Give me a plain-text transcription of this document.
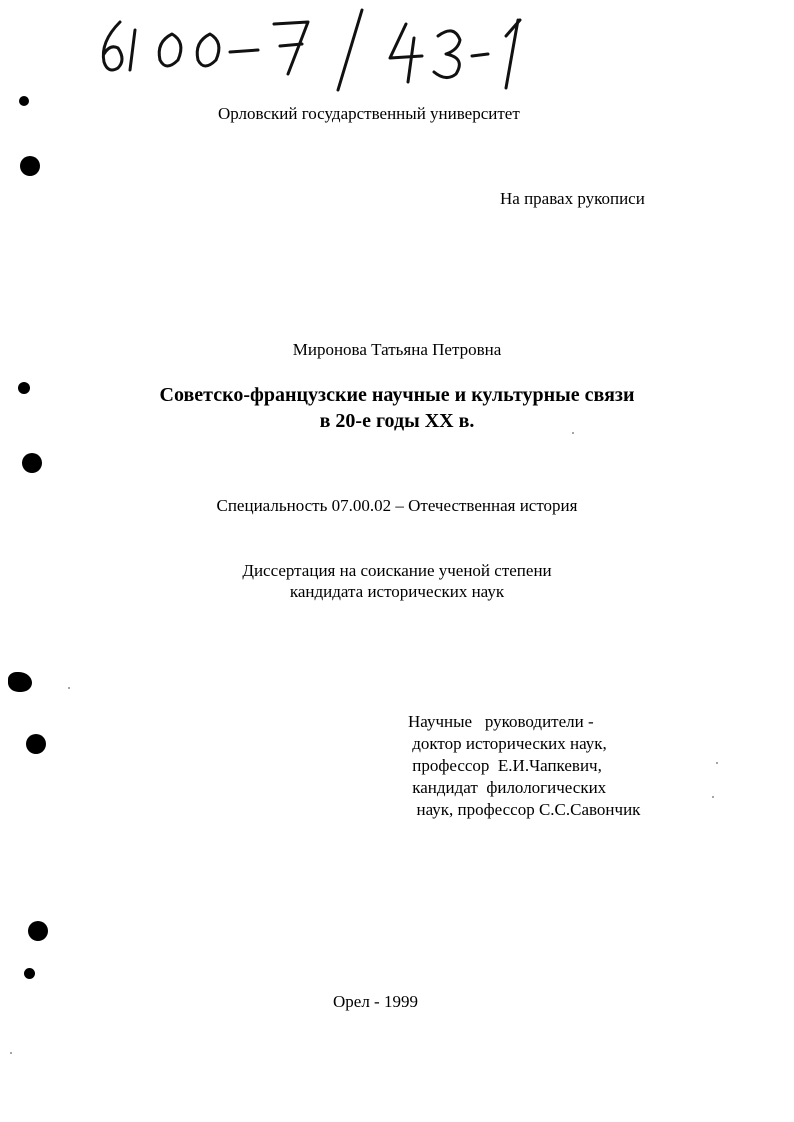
Орловский государственный университет
На правах рукописи
Миронова Татьяна Петровна
Советско-французские научные и культурные связи
в 20-е годы XX в.
Специальность 07.00.02 – Отечественная история
Диссертация на соискание ученой степени
кандидата исторических наук
Научные   руководители -
доктор исторических наук,
профессор  Е.И.Чапкевич,
кандидат  филологических
наук, профессор С.С.Савончик
Орел - 1999
